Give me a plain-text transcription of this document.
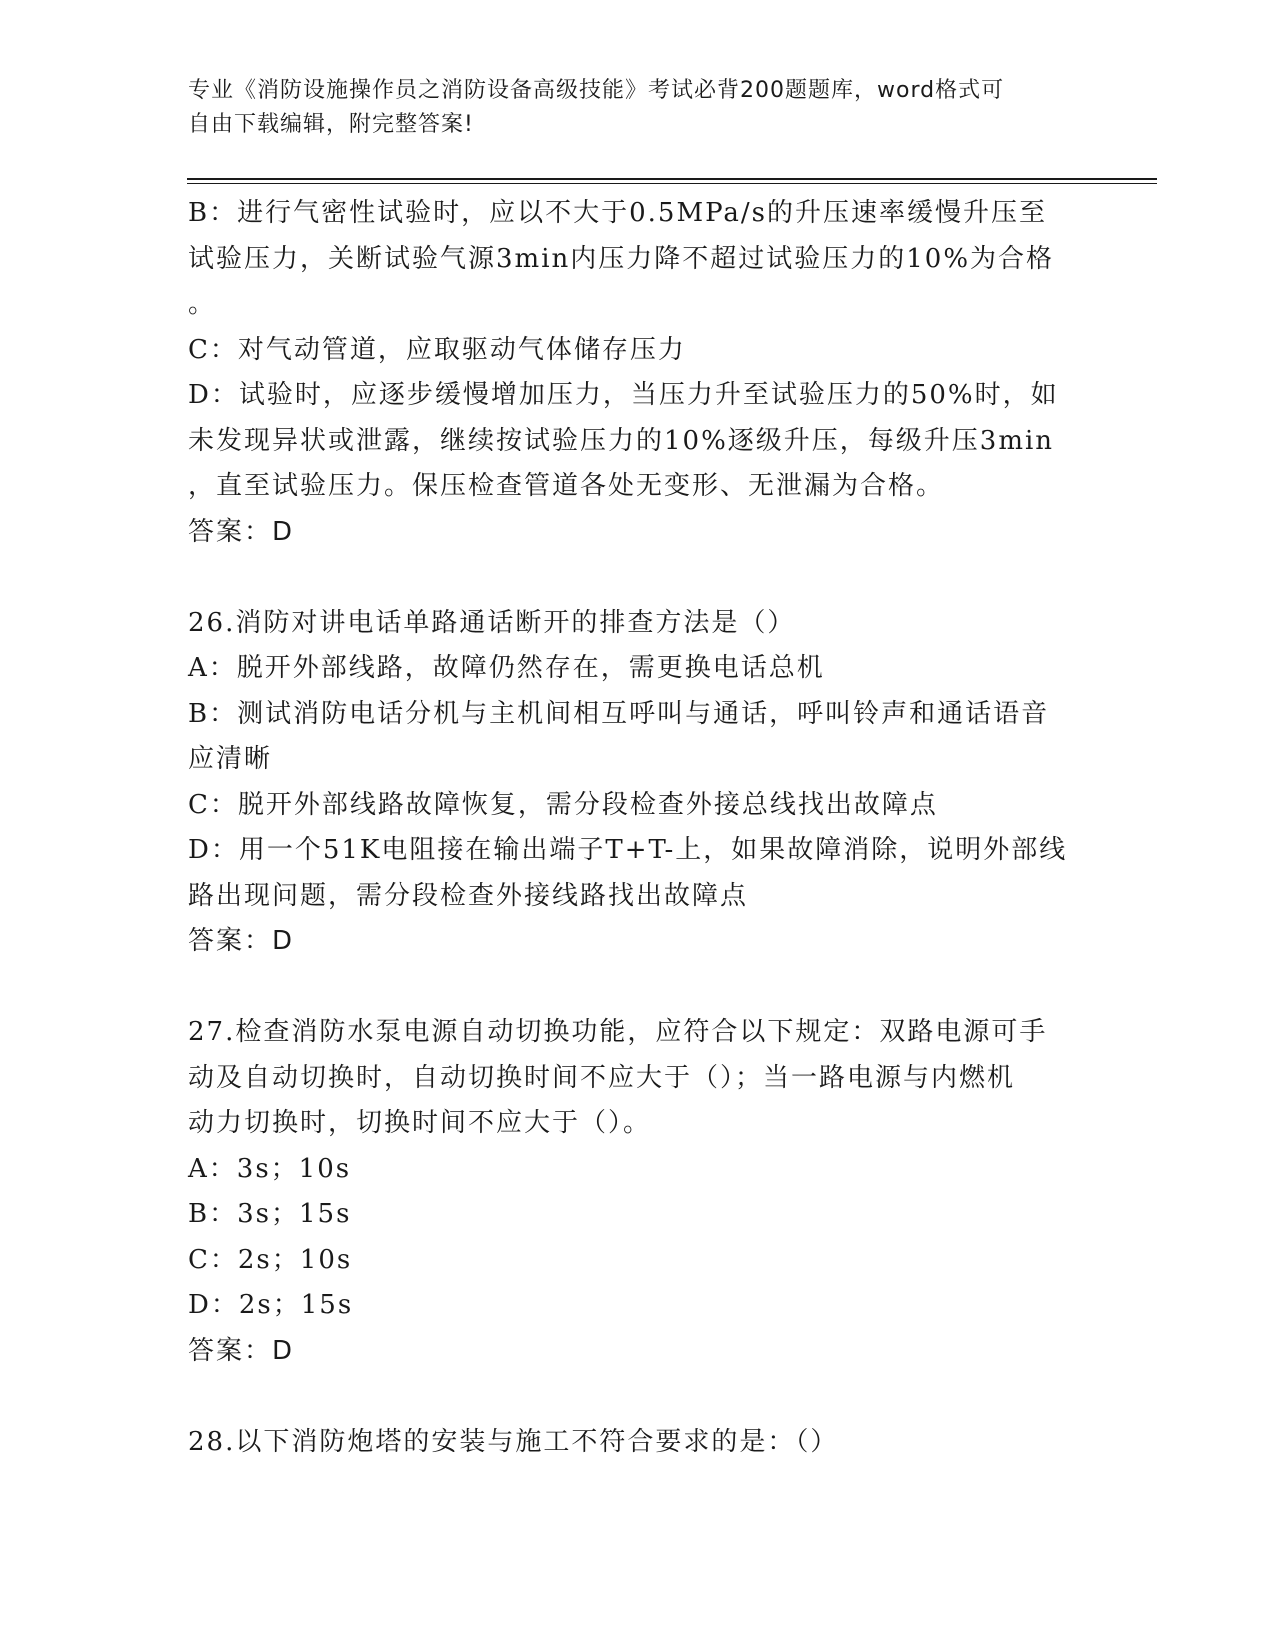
专业《消防设施操作员之消防设备高级技能》考试必背200题题库，word格式可
自由下载编辑，附完整答案!

B：进行气密性试验时，应以不大于0.5MPa/s的升压速率缓慢升压至

试验压力，关断试验气源3min内压力降不超过试验压力的10%为合格

。

C：对气动管道，应取驱动气体储存压力

D：试验时，应逐步缓慢增加压力，当压力升至试验压力的50%时，如

未发现异状或泄露，继续按试验压力的10%逐级升压，每级升压3min

，直至试验压力。保压检查管道各处无变形、无泄漏为合格。

答案：D

26.消防对讲电话单路通话断开的排查方法是（）

A：脱开外部线路，故障仍然存在，需更换电话总机

B：测试消防电话分机与主机间相互呼叫与通话，呼叫铃声和通话语音

应清晰

C：脱开外部线路故障恢复，需分段检查外接总线找出故障点

D：用一个51K电阻接在输出端子T+T-上，如果故障消除，说明外部线

路出现问题，需分段检查外接线路找出故障点

答案：D

27.检查消防水泵电源自动切换功能，应符合以下规定：双路电源可手

动及自动切换时，自动切换时间不应大于（）；当一路电源与内燃机

动力切换时，切换时间不应大于（）。

A：3s；10s

B：3s；15s

C：2s；10s

D：2s；15s

答案：D

28.以下消防炮塔的安装与施工不符合要求的是：（）
